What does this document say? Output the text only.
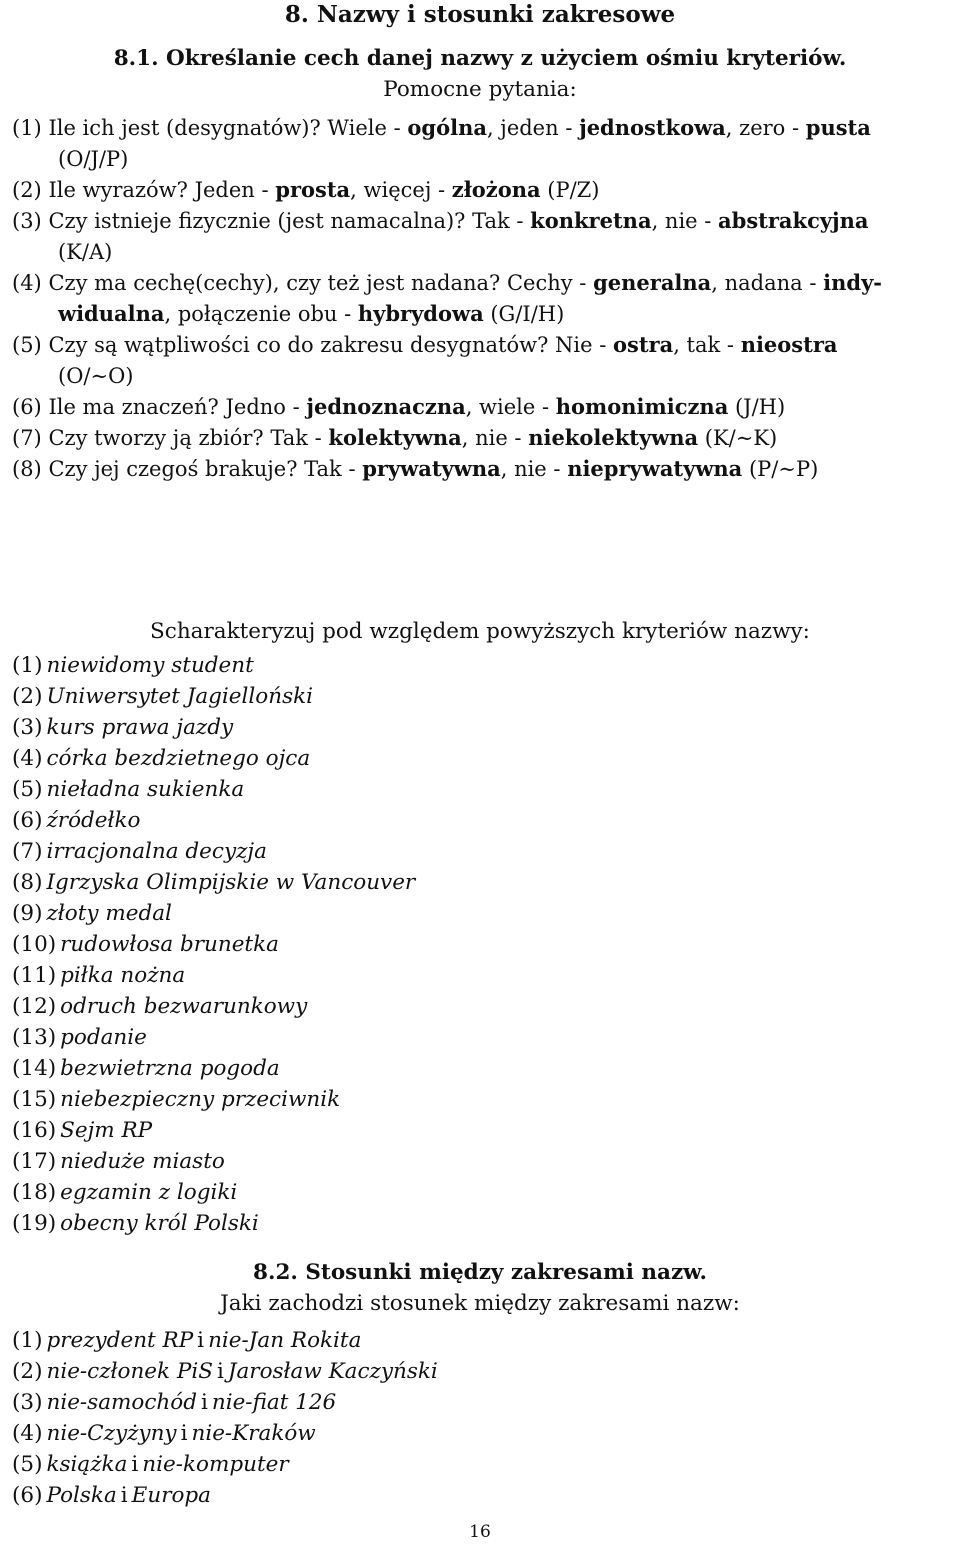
8. Nazwy i stosunki zakresowe
8.1. Określanie cech danej nazwy z użyciem ośmiu kryteriów.
Pomocne pytania:
(1) Ile ich jest (desygnatów)? Wiele - ogólna, jeden - jednostkowa, zero - pusta
(O/J/P)
(2) Ile wyrazów? Jeden - prosta, więcej - złożona (P/Z)
(3) Czy istnieje fizycznie (jest namacalna)? Tak - konkretna, nie - abstrakcyjna
(K/A)
(4) Czy ma cechę(cechy), czy też jest nadana? Cechy - generalna, nadana - indy-
widualna, połączenie obu - hybrydowa (G/I/H)
(5) Czy są wątpliwości co do zakresu desygnatów? Nie - ostra, tak - nieostra
(O/∼O)
(6) Ile ma znaczeń? Jedno - jednoznaczna, wiele - homonimiczna (J/H)
(7) Czy tworzy ją zbiór? Tak - kolektywna, nie - niekolektywna (K/∼K)
(8) Czy jej czegoś brakuje? Tak - prywatywna, nie - nieprywatywna (P/∼P)
Scharakteryzuj pod względem powyższych kryteriów nazwy:
(1) niewidomy student
(2) Uniwersytet Jagielloński
(3) kurs prawa jazdy
(4) córka bezdzietnego ojca
(5) nieładna sukienka
(6) źródełko
(7) irracjonalna decyzja
(8) Igrzyska Olimpijskie w Vancouver
(9) złoty medal
(10) rudowłosa brunetka
(11) piłka nożna
(12) odruch bezwarunkowy
(13) podanie
(14) bezwietrzna pogoda
(15) niebezpieczny przeciwnik
(16) Sejm RP
(17) nieduże miasto
(18) egzamin z logiki
(19) obecny król Polski
8.2. Stosunki między zakresami nazw.
Jaki zachodzi stosunek między zakresami nazw:
(1) prezydent RP i nie-Jan Rokita
(2) nie-członek PiS i Jarosław Kaczyński
(3) nie-samochód i nie-fiat 126
(4) nie-Czyżyny i nie-Kraków
(5) książka i nie-komputer
(6) Polska i Europa
16
